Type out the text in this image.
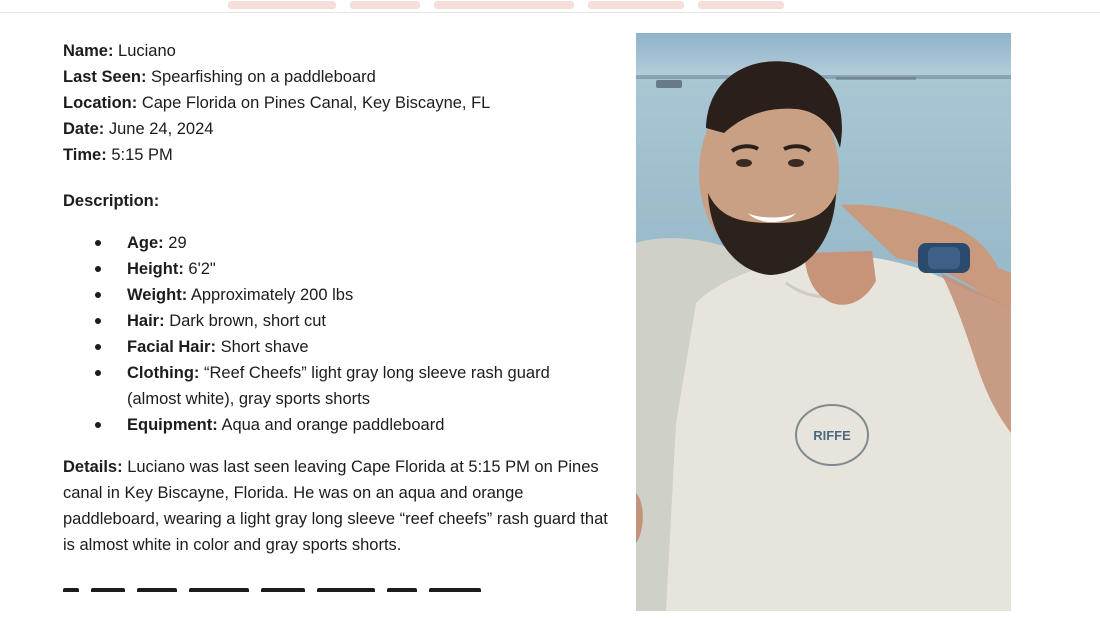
Name: Luciano
Last Seen: Spearfishing on a paddleboard
Location: Cape Florida on Pines Canal, Key Biscayne, FL
Date: June 24, 2024
Time: 5:15 PM
Description:
Age: 29
Height: 6'2"
Weight: Approximately 200 lbs
Hair: Dark brown, short cut
Facial Hair: Short shave
Clothing: “Reef Cheefs” light gray long sleeve rash guard (almost white), gray sports shorts
Equipment: Aqua and orange paddleboard
Details: Luciano was last seen leaving Cape Florida at 5:15 PM on Pines canal in Key Biscayne, Florida. He was on an aqua and orange paddleboard, wearing a light gray long sleeve “reef cheefs” rash guard that is almost white in color and gray sports shorts.
RIFFE
